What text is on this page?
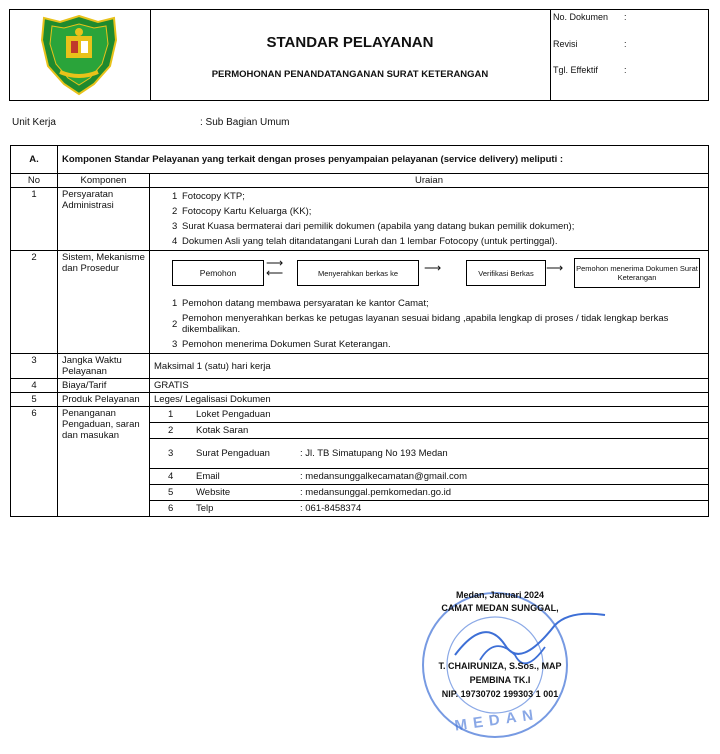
STANDAR PELAYANAN
PERMOHONAN PENANDATANGANAN SURAT KETERANGAN
No. Dokumen :
Revisi	:
Tgl. Effektif	:
Unit Kerja	: Sub Bagian Umum
A.	Komponen Standar Pelayanan yang terkait dengan proses penyampaian pelayanan (service delivery) meliputi :
No	Komponen	Uraian
1	Persyaratan Administrasi	
1 Fotocopy KTP;
2 Fotocopy Kartu Keluarga (KK);
3 Surat Kuasa bermaterai dari pemilik dokumen (apabila yang datang bukan pemilik dokumen);
4 Dokumen Asli yang telah ditandatangani Lurah dan 1 lembar Fotocopy (untuk pertinggal).

2	Sistem, Mekanisme dan Prosedur	Pemohon
⟶
⟵	Menyerahkan berkas ke	⟶	Verifikasi Berkas	⟶ Pemohon menerima Dokumen Surat Keterangan
1 Pemohon datang membawa persyaratan ke kantor Camat;
2 Pemohon menyerahkan berkas ke petugas layanan sesuai bidang ,apabila lengkap di proses / tidak lengkap berkas dikembalikan.
3 Pemohon menerima Dokumen Surat Keterangan.

3	Jangka Waktu Pelayanan	Maksimal 1 (satu) hari kerja
4	Biaya/Tarif	GRATIS
5	Produk Pelayanan	Leges/ Legalisasi Dokumen
6	Penanganan Pengaduan, saran dan masukan	
1	Loket Pengaduan	
2	Kotak Saran	
3	Surat Pengaduan	: Jl. TB Simatupang No 193 Medan
4	Email	: medansunggalkecamatan@gmail.com
5	Website	: medansunggal.pemkomedan.go.id
6	Telp	: 061-8458374
MEDAN
Medan, Januari 2024
CAMAT MEDAN SUNGGAL,
T. CHAIRUNIZA, S.Sos., MAP
PEMBINA TK.I
NIP. 19730702 199303 1 001
